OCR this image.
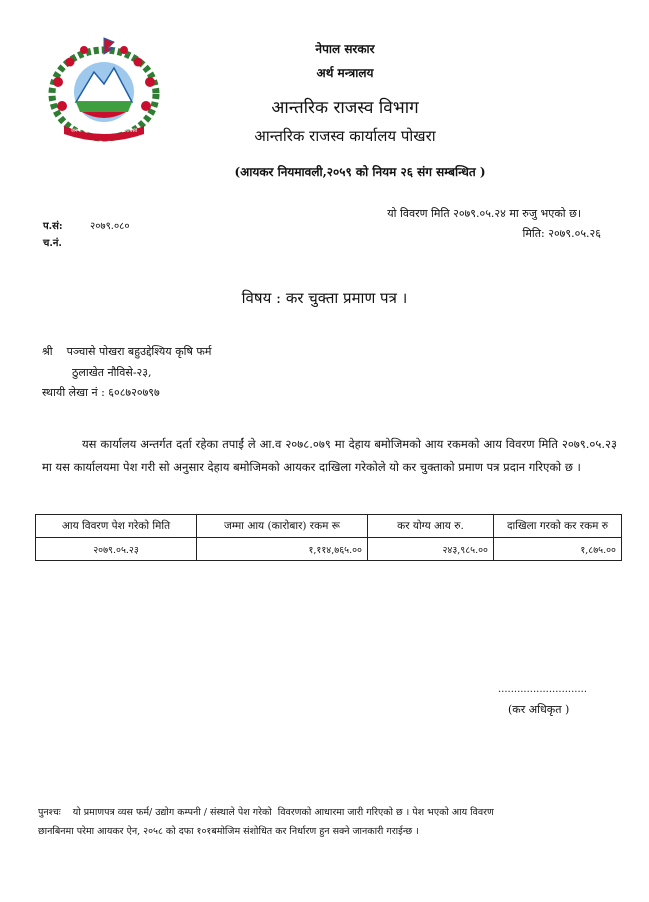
जननी जन्मभूमिश्च स्वर्गादपि गरीयसी
नेपाल सरकार
अर्थ मन्त्रालय
आन्तरिक राजस्व विभाग
आन्तरिक राजस्व कार्यालय पोखरा
(आयकर नियमावली,२०५९ को नियम २६ संग सम्बन्धित )
प.सं:	२०७९.०८०
च.नं.
यो विवरण मिति २०७९.०५.२४ मा रुजु भएको छ।
मिति: २०७९.०५.२६
विषय : कर चुक्ता प्रमाण पत्र ।
श्री    पञ्चासे पोखरा बहुउद्देश्यिय कृषि फर्म
ठुलाखेत नौविसे-२३,
स्थायी लेखा नं : ६०८७२०७९७
यस कार्यालय अन्तर्गत दर्ता रहेका तपाईं ले आ.व २०७८.०७९ मा देहाय बमोजिमको आय रकमको आय विवरण मिति २०७९.०५.२३ मा यस कार्यालयमा पेश गरी सो अनुसार देहाय बमोजिमको आयकर दाखिला गरेकोले यो कर चुक्ताको प्रमाण पत्र प्रदान गरिएको छ ।
आय विवरण पेश गरेको मिति	जम्मा आय (कारोबार) रकम रू	कर योग्य आय रु.	दाखिला गरको कर रकम रु
२०७९.०५.२३	१,११४,७६५.००	२४३,९८५.००	१,८७५.००
............................
(कर अधिकृत )
पुनश्चः    यो प्रमाणपत्र व्यस फर्म/ उद्योग कम्पनी / संस्थाले पेश गरेको  विवरणको आधारमा जारी गरिएको छ । पेश भएको आय विवरण
छानबिनमा परेमा आयकर ऐन, २०५८ को दफा १०१बमोजिम संशोधित कर निर्धारण हुन सक्ने जानकारी गराईन्छ ।
